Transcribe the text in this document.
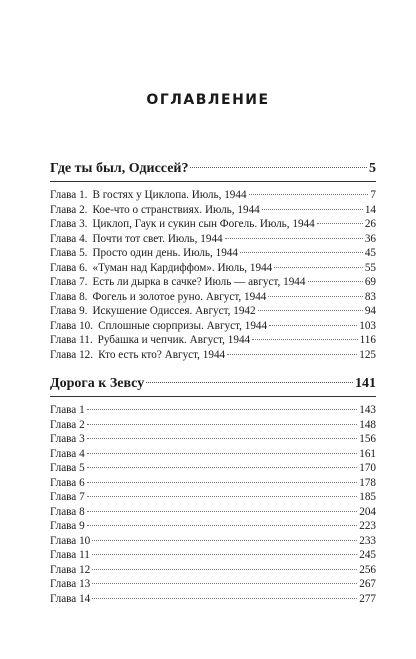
ОГЛАВЛЕНИЕ
Где ты был, Одиссей?	5
Глава 1. В гостях у Циклопа. Июль, 1944	7
Глава 2. Кое-что о странствиях. Июль, 1944	14
Глава 3. Циклоп, Гаук и сукин сын Фогель. Июль, 1944	26
Глава 4. Почти тот свет. Июль, 1944	36
Глава 5. Просто один день. Июль, 1944	45
Глава 6. «Туман над Кардиффом». Июль, 1944	55
Глава 7. Есть ли дырка в сачке? Июль — август, 1944	69
Глава 8. Фогель и золотое руно. Август, 1944	83
Глава 9. Искушение Одиссея. Август, 1942	94
Глава 10. Сплошные сюрпризы. Август, 1944	103
Глава 11. Рубашка и чепчик. Август, 1944	116
Глава 12. Кто есть кто? Август, 1944	125
Дорога к Зевсу	141
Глава 1	143
Глава 2	148
Глава 3	156
Глава 4	161
Глава 5	170
Глава 6	178
Глава 7	185
Глава 8	204
Глава 9	223
Глава 10	233
Глава 11	245
Глава 12	256
Глава 13	267
Глава 14	277
